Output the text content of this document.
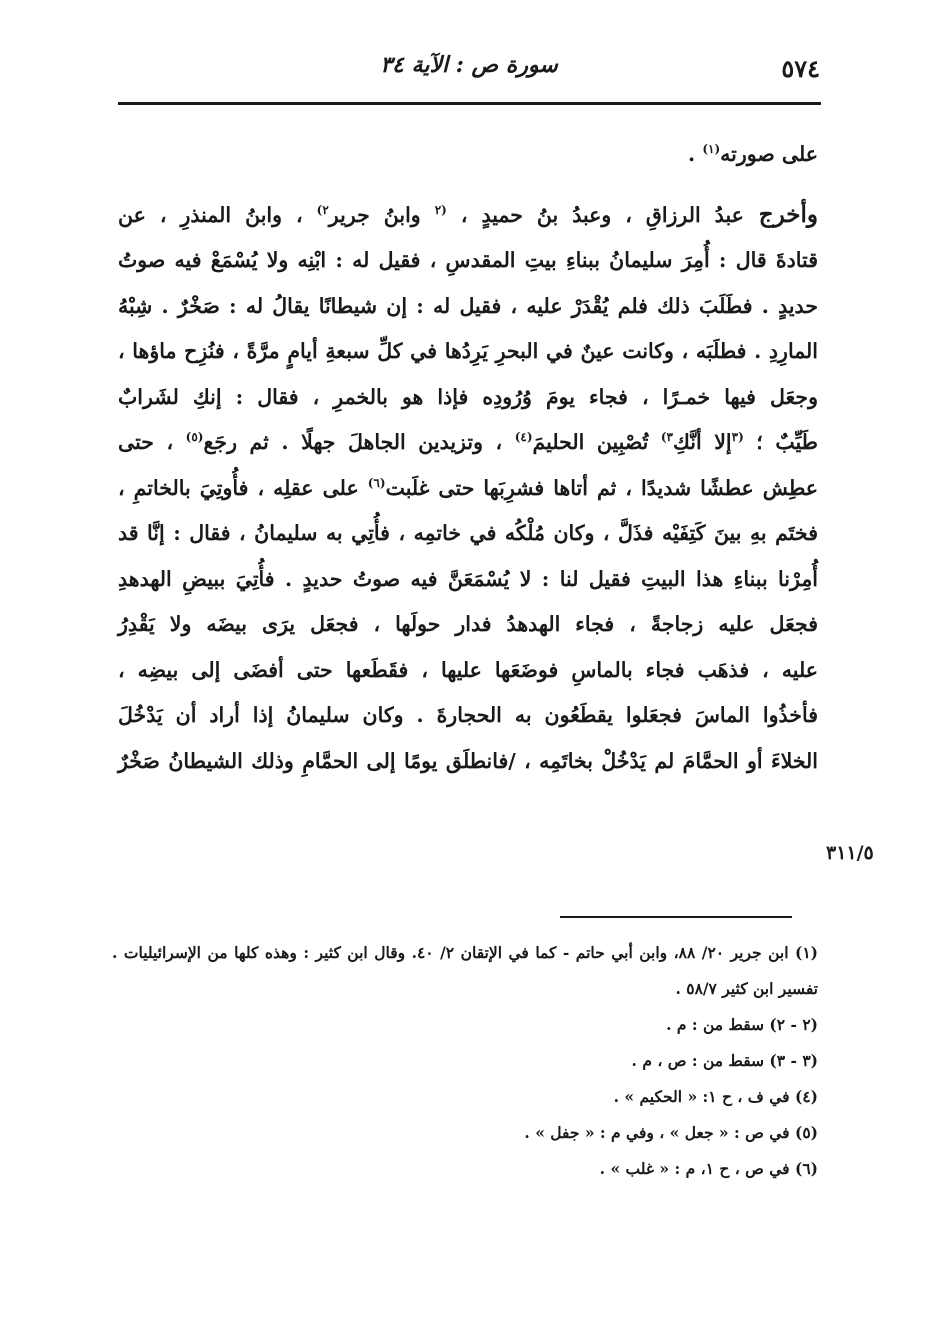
٥٧٤
سورة ص : الآية ٣٤

على صورته$^{(١)}$ .

وأخرج عبدُ الرزاقِ ، وعبدُ بنُ حميدٍ ، $^{(٢}$ وابنُ جرير$^{٢)}$ ، وابنُ المنذرِ ، عن
قتادةَ قال : أُمِرَ سليمانُ ببناءِ بيتِ المقدسِ ، فقيل له : ابْنِه ولا يُسْمَعْ فيه صوتُ
حديدٍ . فطَلَبَ ذلك فلم يُقْدَرْ عليه ، فقيل له : إن شيطانًا يقالُ له : صَخْرٌ . شِبْهُ
المارِدِ . فطلَبَه ، وكانت عينٌ في البحرِ يَرِدُها في كلِّ سبعةِ أيامٍ مرَّةً ، فنُزِح ماؤها ،
وجعَل فيها خمـرًا ، فجاء يومَ وُرُودِه فإذا هو بالخمرِ ، فقال : إنكِ لشَرابٌ
طَيِّبٌ ؛ $^{(٣}$إلا أنَّكِ$^{٣)}$ تُصْبِين الحليمَ$^{(٤)}$ ، وتزيدين الجاهلَ جهلًا . ثم رجَع$^{(٥)}$ ، حتى
عطِش عطشًا شديدًا ، ثم أتاها فشرِبَها حتى غلَبت$^{(٦)}$ على عقلِه ، فأُوتِيَ بالخاتمِ ،
فختَم بهِ بينَ كَتِفَيْه فذَلَّ ، وكان مُلْكُه في خاتمِه ، فأُتِي به سليمانُ ، فقال : إنَّا قد
أُمِرْنا ببناءِ هذا البيتِ فقيل لنا : لا يُسْمَعَنَّ فيه صوتُ حديدٍ . فأُتِيَ ببيضِ الهدهدِ
فجعَل عليه زجاجةً ، فجاء الهدهدُ فدار حولَها ، فجعَل يرَى بيضَه ولا يَقْدِرُ
عليه ، فذهَب فجاء بالماسِ فوضَعَها عليها ، فقَطَعها حتى أفضَى إلى بيضِه ،
فأخذُوا الماسَ فجعَلوا يقطَعُون به الحجارةَ . وكان سليمانُ إذا أراد أن يَدْخُلَ
الخلاءَ أو الحمَّامَ لم يَدْخُلْ بخاتَمِه ، /فانطلَق يومًا إلى الحمَّامِ وذلك الشيطانُ صَخْرٌ
٣١١/٥

(١) ابن جرير ٢٠/ ٨٨، وابن أبي حاتم - كما في الإتقان ٢/ ٤٠. وقال ابن كثير : وهذه كلها من الإسرائيليات . تفسير ابن كثير ٥٨/٧ .

(٢ - ٢) سقط من : م .

(٣ - ٣) سقط من : ص ، م .

(٤) في ف ، ح ١: « الحكيم » .

(٥) في ص : « جعل » ، وفي م : « جفل » .

(٦) في ص ، ح ١، م : « غلب » .
